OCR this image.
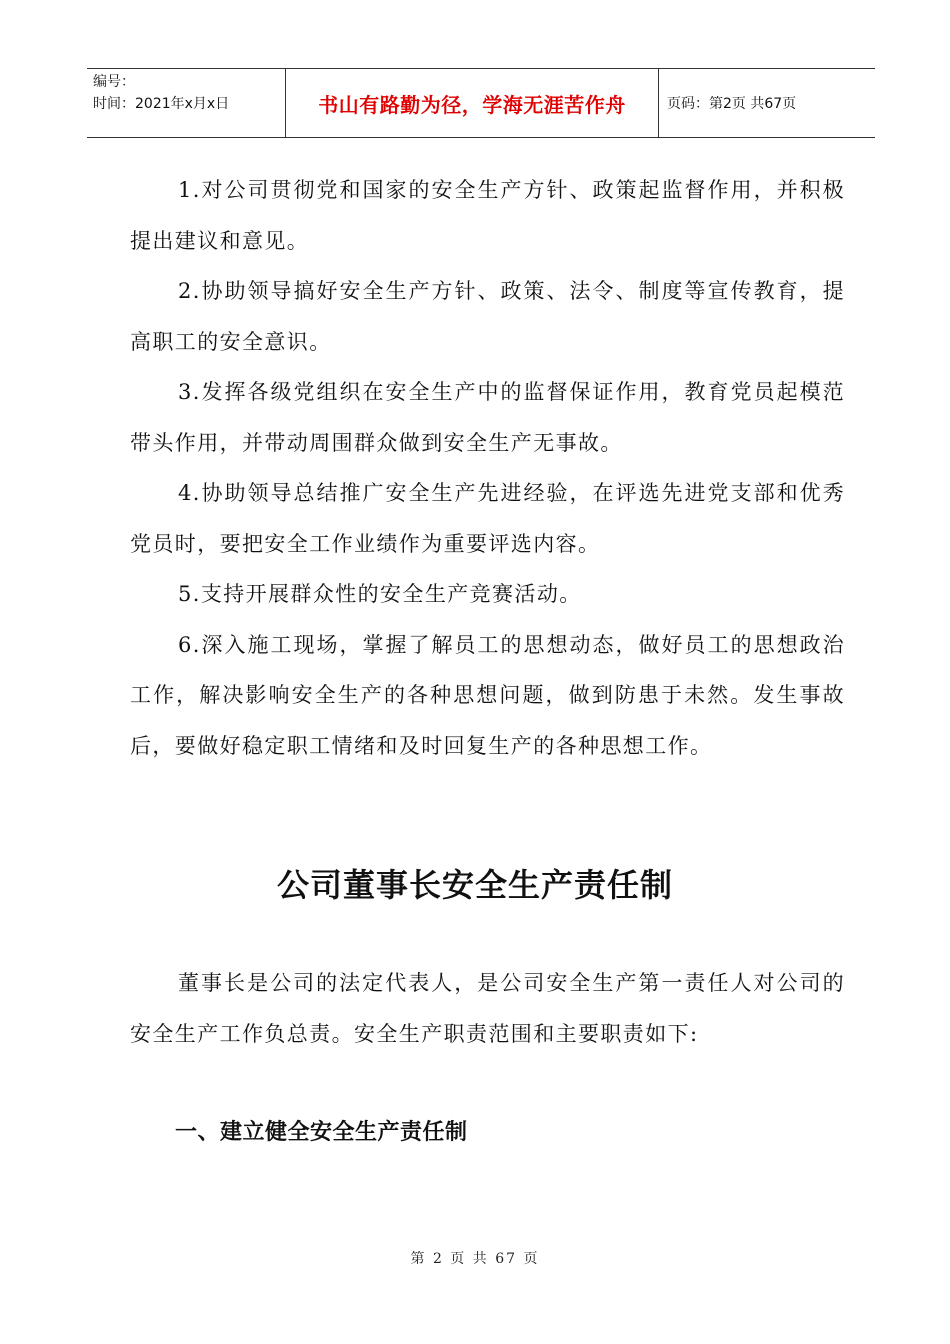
编号：
时间：2021年x月x日	书山有路勤为径，学海无涯苦作舟	页码：第2页 共67页

1.对公司贯彻党和国家的安全生产方针、政策起监督作用，并积极提出建议和意见。

2.协助领导搞好安全生产方针、政策、法令、制度等宣传教育，提高职工的安全意识。

3.发挥各级党组织在安全生产中的监督保证作用，教育党员起模范带头作用，并带动周围群众做到安全生产无事故。

4.协助领导总结推广安全生产先进经验，在评选先进党支部和优秀党员时，要把安全工作业绩作为重要评选内容。

5.支持开展群众性的安全生产竞赛活动。

6.深入施工现场，掌握了解员工的思想动态，做好员工的思想政治工作，解决影响安全生产的各种思想问题，做到防患于未然。发生事故后，要做好稳定职工情绪和及时回复生产的各种思想工作。

公司董事长安全生产责任制

董事长是公司的法定代表人，是公司安全生产第一责任人对公司的安全生产工作负总责。安全生产职责范围和主要职责如下:

一、建立健全安全生产责任制
第 2 页 共 67 页
